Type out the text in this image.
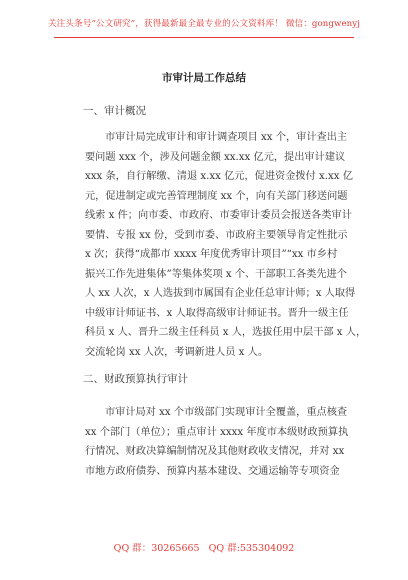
关注头条号“公文研究”，获得最新最全最专业的公文资料库！ 微信：gongwenyj
市审计局工作总结
一、审计概况

市审计局完成审计和审计调查项目 xx 个，审计查出主
要问题 xxx 个，涉及问题金额 xx.xx 亿元，提出审计建议
xxx 条，自行解缴、清退 x.xx 亿元，促进资金拨付 x.xx 亿
元，促进制定或完善管理制度 xx 个，向有关部门移送问题
线索 x 件；向市委、市政府、市委审计委员会报送各类审计
要情、专报 xx 份，受到市委、市政府主要领导肯定性批示
x 次；获得“成都市 xxxx 年度优秀审计项目”“xx 市乡村
振兴工作先进集体”等集体奖项 x 个、干部职工各类先进个
人 xx 人次，x 人选拔到市属国有企业任总审计师；x 人取得
中级审计师证书、x 人取得高级审计师证书。晋升一级主任
科员 x 人、晋升二级主任科员 x 人，选拔任用中层干部 x 人，
交流轮岗 xx 人次，考调新进人员 x 人。

二、财政预算执行审计

市审计局对 xx 个市级部门实现审计全覆盖，重点核查
xx 个部门（单位）；重点审计 xxxx 年度市本级财政预算执
行情况、财政决算编制情况及其他财政收支情况，并对 xx
市地方政府债券、预算内基本建设、交通运输等专项资金

QQ 群：30265665 QQ 群:535304092
